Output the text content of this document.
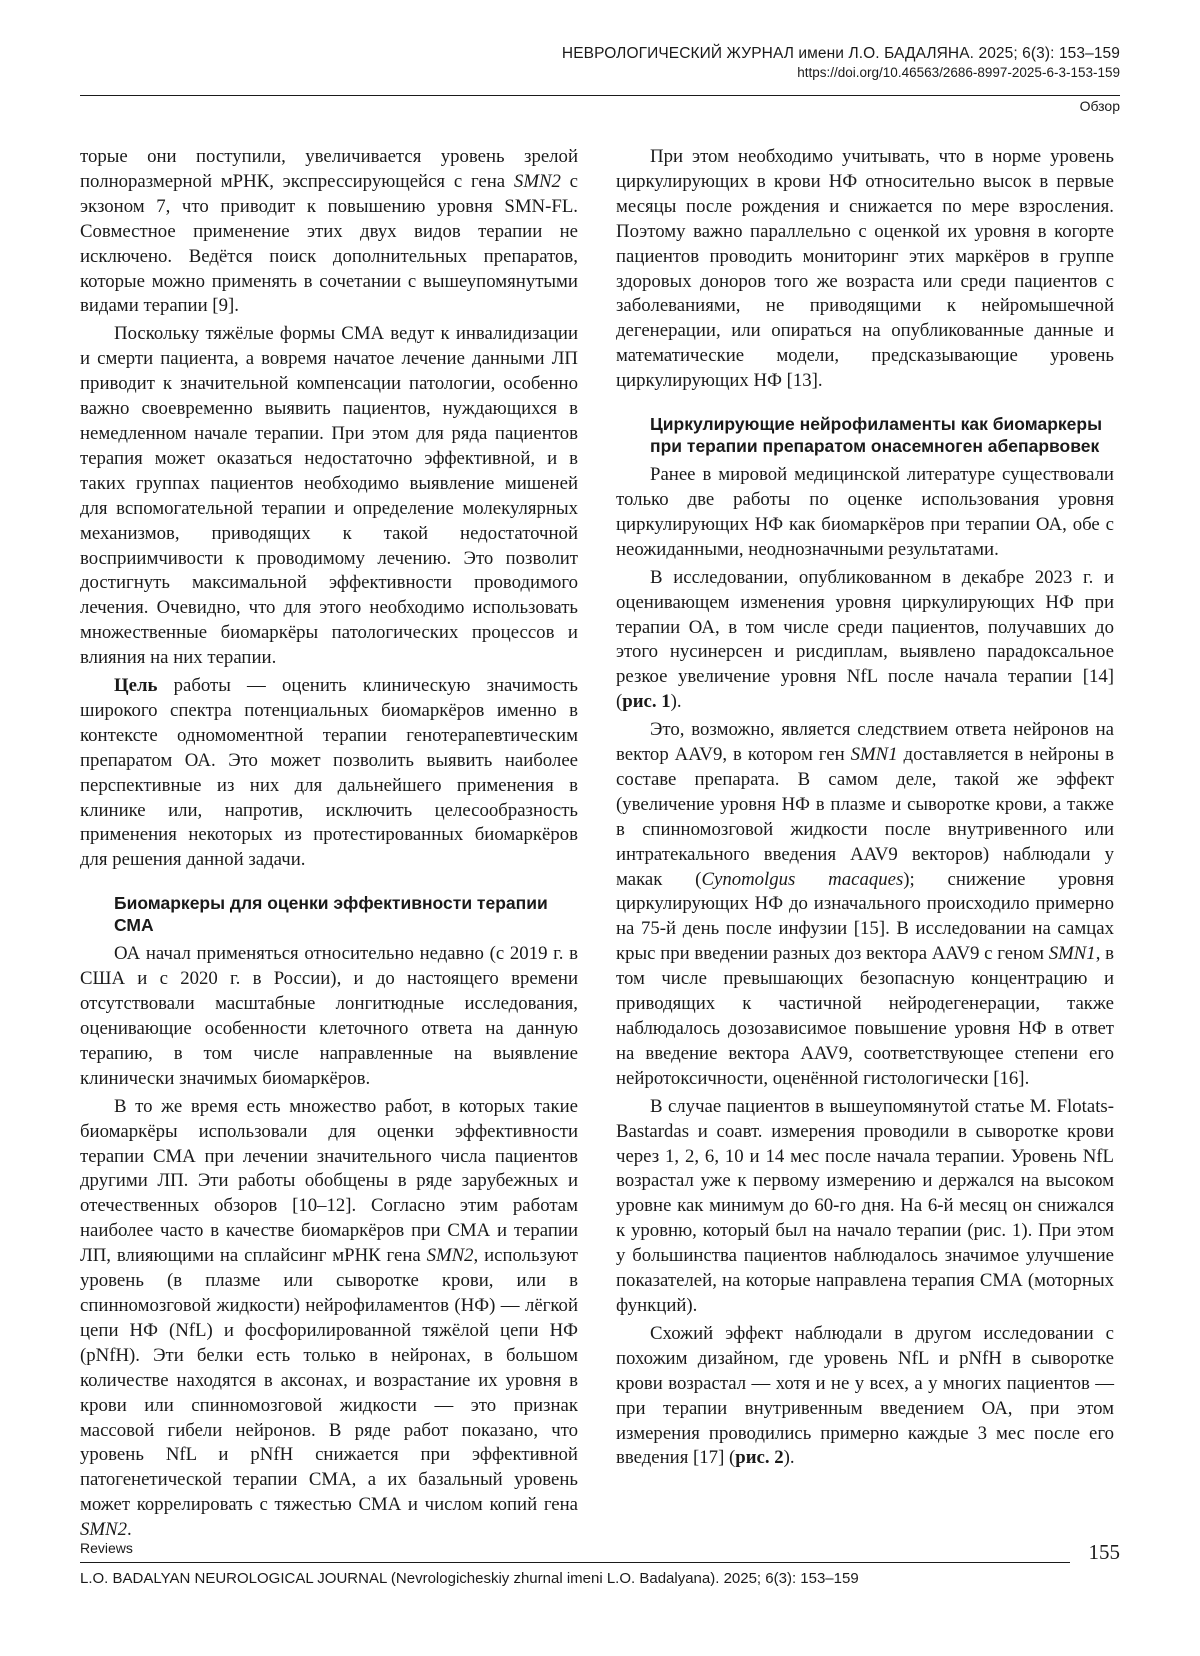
НЕВРОЛОГИЧЕСКИЙ ЖУРНАЛ имени Л.О. БАДАЛЯНА. 2025; 6(3): 153–159
https://doi.org/10.46563/2686-8997-2025-6-3-153-159
Обзор

торые они поступили, увеличивается уровень зрелой полноразмерной мРНК, экспрессирующейся с гена SMN2 с экзоном 7, что приводит к повышению уровня SMN-FL. Совместное применение этих двух видов терапии не исключено. Ведётся поиск дополнительных препаратов, которые можно применять в сочетании с вышеупомянутыми видами терапии [9].

Поскольку тяжёлые формы СМА ведут к инвалидизации и смерти пациента, а вовремя начатое лечение данными ЛП приводит к значительной компенсации патологии, особенно важно своевременно выявить пациентов, нуждающихся в немедленном начале терапии. При этом для ряда пациентов терапия может оказаться недостаточно эффективной, и в таких группах пациентов необходимо выявление мишеней для вспомогательной терапии и определение молекулярных механизмов, приводящих к такой недостаточной восприимчивости к проводимому лечению. Это позволит достигнуть максимальной эффективности проводимого лечения. Очевидно, что для этого необходимо использовать множественные биомаркёры патологических процессов и влияния на них терапии.

Цель работы — оценить клиническую значимость широкого спектра потенциальных биомаркёров именно в контексте одномоментной терапии генотерапевтическим препаратом ОА. Это может позволить выявить наиболее перспективные из них для дальнейшего применения в клинике или, напротив, исключить целесообразность применения некоторых из протестированных биомаркёров для решения данной задачи.

Биомаркеры для оценки эффективности терапии СМА

ОА начал применяться относительно недавно (с 2019 г. в США и с 2020 г. в России), и до настоящего времени отсутствовали масштабные лонгитюдные исследования, оценивающие особенности клеточного ответа на данную терапию, в том числе направленные на выявление клинически значимых биомаркёров.

В то же время есть множество работ, в которых такие биомаркёры использовали для оценки эффективности терапии СМА при лечении значительного числа пациентов другими ЛП. Эти работы обобщены в ряде зарубежных и отечественных обзоров [10–12]. Согласно этим работам наиболее часто в качестве биомаркёров при СМА и терапии ЛП, влияющими на сплайсинг мРНК гена SMN2, используют уровень (в плазме или сыворотке крови, или в спинномозговой жидкости) нейрофиламентов (НФ) — лёгкой цепи НФ (NfL) и фосфорилированной тяжёлой цепи НФ (pNfH). Эти белки есть только в нейронах, в большом количестве находятся в аксонах, и возрастание их уровня в крови или спинномозговой жидкости — это признак массовой гибели нейронов. В ряде работ показано, что уровень NfL и pNfH снижается при эффективной патогенетической терапии СМА, а их базальный уровень может коррелировать с тяжестью СМА и числом копий гена SMN2.

При этом необходимо учитывать, что в норме уровень циркулирующих в крови НФ относительно высок в первые месяцы после рождения и снижается по мере взросления. Поэтому важно параллельно с оценкой их уровня в когорте пациентов проводить мониторинг этих маркёров в группе здоровых доноров того же возраста или среди пациентов с заболеваниями, не приводящими к нейромышечной дегенерации, или опираться на опубликованные данные и математические модели, предсказывающие уровень циркулирующих НФ [13].

Циркулирующие нейрофиламенты как биомаркеры при терапии препаратом онасемноген абепарвовек

Ранее в мировой медицинской литературе существовали только две работы по оценке использования уровня циркулирующих НФ как биомаркёров при терапии ОА, обе с неожиданными, неоднозначными результатами.

В исследовании, опубликованном в декабре 2023 г. и оценивающем изменения уровня циркулирующих НФ при терапии ОА, в том числе среди пациентов, получавших до этого нусинерсен и рисдиплам, выявлено парадоксальное резкое увеличение уровня NfL после начала терапии [14] (рис. 1).

Это, возможно, является следствием ответа нейронов на вектор AAV9, в котором ген SMN1 доставляется в нейроны в составе препарата. В самом деле, такой же эффект (увеличение уровня НФ в плазме и сыворотке крови, а также в спинномозговой жидкости после внутривенного или интратекального введения AAV9 векторов) наблюдали у макак (Cynomolgus macaques); снижение уровня циркулирующих НФ до изначального происходило примерно на 75-й день после инфузии [15]. В исследовании на самцах крыс при введении разных доз вектора AAV9 с геном SMN1, в том числе превышающих безопасную концентрацию и приводящих к частичной нейродегенерации, также наблюдалось дозозависимое повышение уровня НФ в ответ на введение вектора AAV9, соответствующее степени его нейротоксичности, оценённой гистологически [16].

В случае пациентов в вышеупомянутой статье M. Flotats-Bastardas и соавт. измерения проводили в сыворотке крови через 1, 2, 6, 10 и 14 мес после начала терапии. Уровень NfL возрастал уже к первому измерению и держался на высоком уровне как минимум до 60-го дня. На 6-й месяц он снижался к уровню, который был на начало терапии (рис. 1). При этом у большинства пациентов наблюдалось значимое улучшение показателей, на которые направлена терапия СМА (моторных функций).

Схожий эффект наблюдали в другом исследовании с похожим дизайном, где уровень NfL и pNfH в сыворотке крови возрастал — хотя и не у всех, а у многих пациентов — при терапии внутривенным введением ОА, при этом измерения проводились примерно каждые 3 мес после его введения [17] (рис. 2).

Reviews	155
L.O. BADALYAN NEUROLOGICAL JOURNAL (Nevrologicheskiy zhurnal imeni L.O. Badalyana). 2025; 6(3): 153–159
